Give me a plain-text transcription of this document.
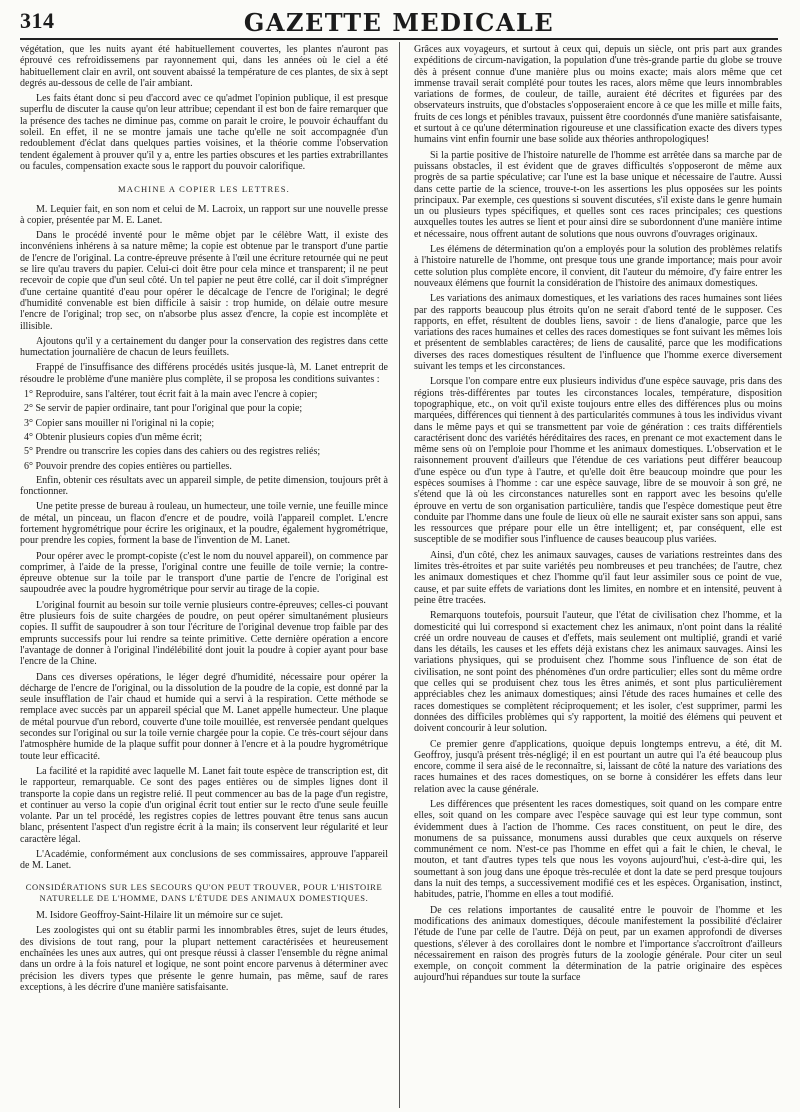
314	GAZETTE MEDICALE

végétation, que les nuits ayant été habituellement couvertes, les plantes n'auront pas éprouvé ces refroidissemens par rayonnement qui, dans les années où le ciel a été habituellement clair en avril, ont souvent abaissé la température de ces plantes, de six à sept degrés au-dessous de celle de l'air ambiant.

Les faits étant donc si peu d'accord avec ce qu'admet l'opinion publique, il est presque superflu de discuter la cause qu'on leur attribue; cependant il est bon de faire remarquer que la présence des taches ne diminue pas, comme on parait le croire, le pouvoir échauffant du soleil. En effet, il ne se montre jamais une tache qu'elle ne soit accompagnée d'un redoublement d'éclat dans quelques parties voisines, et la théorie comme l'observation tendent également à prouver qu'il y a, entre les parties obscures et les parties extrabrillantes ou facules, compensation exacte sous le rapport du pouvoir calorifique.

MACHINE A COPIER LES LETTRES.

M. Lequier fait, en son nom et celui de M. Lacroix, un rapport sur une nouvelle presse à copier, présentée par M. E. Lanet.

Dans le procédé inventé pour le même objet par le célèbre Watt, il existe des inconvéniens inhérens à sa nature même; la copie est obtenue par le transport d'une partie de l'encre de l'original. La contre-épreuve présente à l'œil une écriture retournée qui ne peut se lire qu'au travers du papier. Celui-ci doit être pour cela mince et transparent; il ne peut recevoir de copie que d'un seul côté. Un tel papier ne peut être collé, car il doit s'imprégner d'une certaine quantité d'eau pour opérer le décalcage de l'encre de l'original; le degré d'humidité convenable est bien difficile à saisir : trop humide, on délaie outre mesure l'encre de l'original; trop sec, on n'absorbe plus assez d'encre, la copie est incomplète et illisible.

Ajoutons qu'il y a certainement du danger pour la conservation des registres dans cette humectation journalière de chacun de leurs feuillets.

Frappé de l'insuffisance des différens procédés usités jusque-là, M. Lanet entreprit de résoudre le problème d'une manière plus complète, il se proposa les conditions suivantes :

1° Reproduire, sans l'altérer, tout écrit fait à la main avec l'encre à copier;

2° Se servir de papier ordinaire, tant pour l'original que pour la copie;

3° Copier sans mouiller ni l'original ni la copie;

4° Obtenir plusieurs copies d'un même écrit;

5° Prendre ou transcrire les copies dans des cahiers ou des registres reliés;

6° Pouvoir prendre des copies entières ou partielles.

Enfin, obtenir ces résultats avec un appareil simple, de petite dimension, toujours prêt à fonctionner.

Une petite presse de bureau à rouleau, un humecteur, une toile vernie, une feuille mince de métal, un pinceau, un flacon d'encre et de poudre, voilà l'appareil complet. L'encre fortement hygrométrique pour écrire les originaux, et la poudre, également hygrométrique, pour prendre les copies, forment la base de l'invention de M. Lanet.

Pour opérer avec le prompt-copiste (c'est le nom du nouvel appareil), on commence par comprimer, à l'aide de la presse, l'original contre une feuille de toile vernie; la contre-épreuve obtenue sur la toile par le transport d'une partie de l'encre de l'original est saupoudrée avec la poudre hygrométrique pour servir au tirage de la copie.

L'original fournit au besoin sur toile vernie plusieurs contre-épreuves; celles-ci pouvant être plusieurs fois de suite chargées de poudre, on peut opérer simultanément plusieurs copies. Il suffit de saupoudrer à son tour l'écriture de l'original devenue trop faible par des emprunts successifs pour lui rendre sa teinte primitive. Cette dernière opération a encore l'avantage de donner à l'original l'indélébilité dont jouit la poudre à copier ayant pour base l'encre de la Chine.

Dans ces diverses opérations, le léger degré d'humidité, nécessaire pour opérer la décharge de l'encre de l'original, ou la dissolution de la poudre de la copie, est donné par la seule insufflation de l'air chaud et humide qui a servi à la respiration. Cette méthode se remplace avec succès par un appareil spécial que M. Lanet appelle humecteur. Une plaque de métal pourvue d'un rebord, couverte d'une toile mouillée, est renversée pendant quelques secondes sur l'original ou sur la toile vernie chargée pour la copie. Ce très-court séjour dans l'atmosphère humide de la plaque suffit pour donner à l'encre et à la poudre hygrométrique toute leur efficacité.

La facilité et la rapidité avec laquelle M. Lanet fait toute espèce de transcription est, dit le rapporteur, remarquable. Ce sont des pages entières ou de simples lignes dont il transporte la copie dans un registre relié. Il peut commencer au bas de la page d'un registre, et continuer au verso la copie d'un original écrit tout entier sur le recto d'une seule feuille volante. Par un tel procédé, les registres copies de lettres pouvant être tenus sans aucun blanc, présentent l'aspect d'un registre écrit à la main; ils conservent leur régularité et leur caractère légal.

L'Académie, conformément aux conclusions de ses commissaires, approuve l'appareil de M. Lanet.

CONSIDÉRATIONS SUR LES SECOURS QU'ON PEUT TROUVER, POUR L'HISTOIRE NATURELLE DE L'HOMME, DANS L'ÉTUDE DES ANIMAUX DOMESTIQUES.

M. Isidore Geoffroy-Saint-Hilaire lit un mémoire sur ce sujet.

Les zoologistes qui ont su établir parmi les innombrables êtres, sujet de leurs études, des divisions de tout rang, pour la plupart nettement caractérisées et heureusement enchaînées les unes aux autres, qui ont presque réussi à classer l'ensemble du règne animal dans un ordre à la fois naturel et logique, ne sont point encore parvenus à déterminer avec précision les divers types que présente le genre humain, pas même, sauf de rares exceptions, à les décrire d'une manière satisfaisante.

Grâces aux voyageurs, et surtout à ceux qui, depuis un siècle, ont pris part aux grandes expéditions de circum-navigation, la population d'une très-grande partie du globe se trouve dès à présent connue d'une manière plus ou moins exacte; mais alors même que cet immense travail serait complété pour toutes les races, alors même que leurs innombrables variations de formes, de couleur, de taille, auraient été décrites et figurées par des observateurs instruits, que d'obstacles s'opposeraient encore à ce que les mille et mille faits, fruits de ces longs et pénibles travaux, puissent être coordonnés d'une manière satisfaisante, et surtout à ce qu'une détermination rigoureuse et une classification exacte des divers types humains vint enfin fournir une base solide aux théories anthropologiques!

Si la partie positive de l'histoire naturelle de l'homme est arrêtée dans sa marche par de puissans obstacles, il est évident que de graves difficultés s'opposeront de même aux progrès de sa partie spéculative; car l'une est la base unique et nécessaire de l'autre. Aussi dans cette partie de la science, trouve-t-on les assertions les plus opposées sur les points principaux. Par exemple, ces questions si souvent discutées, s'il existe dans le genre humain un ou plusieurs types spécifiques, et quelles sont ces races principales; ces questions auxquelles toutes les autres se lient et pour ainsi dire se subordonnent d'une manière intime et nécessaire, nous offrent autant de solutions que nous ouvrons d'ouvrages originaux.

Les élémens de détermination qu'on a employés pour la solution des problèmes relatifs à l'histoire naturelle de l'homme, ont presque tous une grande importance; mais pour avoir cette solution plus complète encore, il convient, dit l'auteur du mémoire, d'y faire entrer les nouveaux élémens que fournit la considération de l'histoire des animaux domestiques.

Les variations des animaux domestiques, et les variations des races humaines sont liées par des rapports beaucoup plus étroits qu'on ne serait d'abord tenté de le supposer. Ces rapports, en effet, résultent de doubles liens, savoir : de liens d'analogie, parce que les variations des races humaines et celles des races domestiques se font suivant les mêmes lois et présentent de semblables caractères; de liens de causalité, parce que les modifications diverses des races domestiques résultent de l'influence que l'homme exerce diversement suivant les temps et les circonstances.

Lorsque l'on compare entre eux plusieurs individus d'une espèce sauvage, pris dans des régions très-différentes par toutes les circonstances locales, température, disposition topographique, etc., on voit qu'il existe toujours entre elles des différences plus ou moins marquées, différences qui tiennent à des particularités communes à tous les individus vivant dans le même pays et qui se transmettent par voie de génération : ces traits différentiels caractérisent donc des variétés héréditaires des races, en prenant ce mot exactement dans le même sens où on l'emploie pour l'homme et les animaux domestiques. L'observation et le raisonnement prouvent d'ailleurs que l'étendue de ces variations peut différer beaucoup d'une espèce ou d'un type à l'autre, et qu'elle doit être beaucoup moindre que pour les espèces soumises à l'homme : car une espèce sauvage, libre de se mouvoir à son gré, ne s'étend que là où les circonstances naturelles sont en rapport avec les besoins qu'elle éprouve en vertu de son organisation particulière, tandis que l'espèce domestique peut être conduite par l'homme dans une foule de lieux où elle ne saurait exister sans son appui, sans les ressources que prépare pour elle un être intelligent; et, par conséquent, elle est susceptible de se modifier sous l'influence de causes beaucoup plus variées.

Ainsi, d'un côté, chez les animaux sauvages, causes de variations restreintes dans des limites très-étroites et par suite variétés peu nombreuses et peu tranchées; de l'autre, chez les animaux domestiques et chez l'homme qu'il faut leur assimiler sous ce point de vue, cause, et par suite effets de variations dont les limites, en nombre et en intensité, peuvent à peine être tracées.

Remarquons toutefois, poursuit l'auteur, que l'état de civilisation chez l'homme, et la domesticité qui lui correspond si exactement chez les animaux, n'ont point dans la réalité créé un ordre nouveau de causes et d'effets, mais seulement ont multiplié, grandi et varié dans les détails, les causes et les effets déjà existans chez les animaux sauvages. Ainsi les variations physiques, qui se produisent chez l'homme sous l'influence de son état de civilisation, ne sont point des phénomènes d'un ordre particulier; elles sont du même ordre que celles qui se produisent chez tous les êtres animés, et sont plus particulièrement appréciables chez les animaux domestiques; ainsi l'étude des races humaines et celle des races domestiques se complètent réciproquement; et les isoler, c'est supprimer, parmi les données des difficiles problèmes qui s'y rapportent, la moitié des élémens qui peuvent et doivent concourir à leur solution.

Ce premier genre d'applications, quoique depuis longtemps entrevu, a été, dit M. Geoffroy, jusqu'à présent très-négligé; il en est pourtant un autre qui l'a été beaucoup plus encore, comme il sera aisé de le reconnaître, si, laissant de côté la nature des variations des races humaines et des races domestiques, on se borne à considérer les effets dans leur relation avec la cause générale.

Les différences que présentent les races domestiques, soit quand on les compare entre elles, soit quand on les compare avec l'espèce sauvage qui est leur type commun, sont évidemment dues à l'action de l'homme. Ces races constituent, on peut le dire, des monumens de sa puissance, monumens aussi durables que ceux auxquels on réserve communément ce nom. N'est-ce pas l'homme en effet qui a fait le chien, le cheval, le mouton, et tant d'autres types tels que nous les voyons aujourd'hui, c'est-à-dire qui, les soumettant à son joug dans une époque très-reculée et dont la date se perd presque toujours dans la nuit des temps, a successivement modifié ces et les espèces. Organisation, instinct, habitudes, patrie, l'homme en elles a tout modifié.

De ces relations importantes de causalité entre le pouvoir de l'homme et les modifications des animaux domestiques, découle manifestement la possibilité d'éclairer l'étude de l'une par celle de l'autre. Déjà on peut, par un examen approfondi de diverses questions, s'élever à des corollaires dont le nombre et l'importance s'accroîtront d'ailleurs nécessairement en raison des progrès futurs de la zoologie générale. Pour citer un seul exemple, on conçoit comment la détermination de la patrie originaire des espèces aujourd'hui répandues sur toute la surface
